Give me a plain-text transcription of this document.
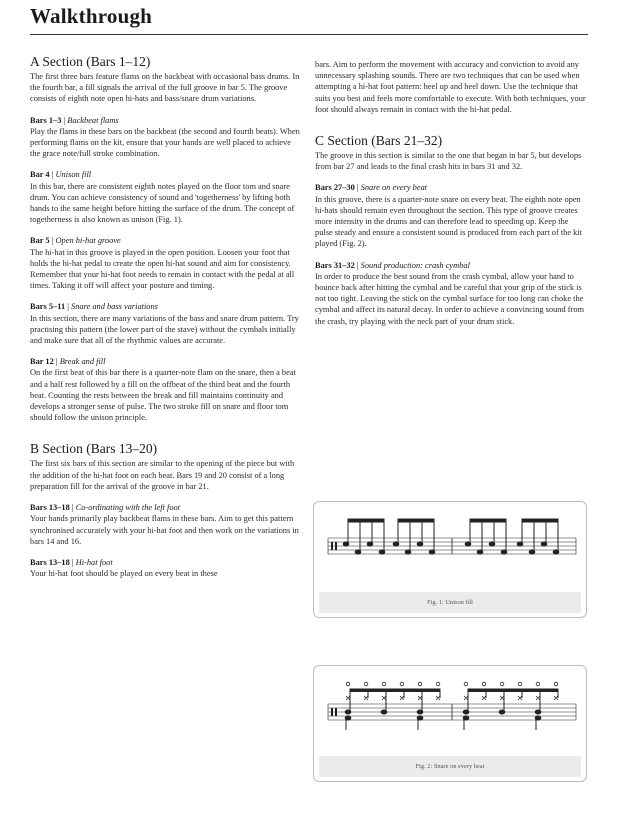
Walkthrough
A Section (Bars 1–12)

The first three bars feature flams on the backbeat with occasional bass drums. In the fourth bar, a fill signals the arrival of the full groove in bar 5. The groove consists of eighth note open hi-hats and bass/snare drum variations.

Bars 1–3 | Backbeat flams

Play the flams in these bars on the backbeat (the second and fourth beats). When performing flams on the kit, ensure that your hands are well placed to achieve the grace note/full stroke combination.

Bar 4 | Unison fill

In this bar, there are consistent eighth notes played on the floor tom and snare drum. You can achieve consistency of sound and 'togetherness' by lifting both hands to the same height before hitting the surface of the drum. The concept of togetherness is also known as unison (Fig. 1).

Bar 5 | Open hi-hat groove

The hi-hat in this groove is played in the open position. Loosen your foot that holds the hi-hat pedal to create the open hi-hat sound and aim for consistency. Remember that your hi-hat foot needs to remain in contact with the pedal at all times. Taking it off will affect your posture and timing.

Bars 5–11 | Snare and bass variations

In this section, there are many variations of the bass and snare drum pattern. Try practising this pattern (the lower part of the stave) without the cymbals initially and make sure that all of the rhythmic values are accurate.

Bar 12 | Break and fill

On the first beat of this bar there is a quarter-note flam on the snare, then a beat and a half rest followed by a fill on the offbeat of the third beat and the fourth beat. Counting the rests between the break and fill maintains continuity and develops a stronger sense of pulse. The two stroke fill on snare and floor tom should follow the unison principle.

B Section (Bars 13–20)

The first six bars of this section are similar to the opening of the piece but with the addition of the hi-hat foot on each beat. Bars 19 and 20 consist of a long preparation fill for the arrival of the groove in bar 21.

Bars 13–18 | Co-ordinating with the left foot

Your hands primarily play backbeat flams in these bars. Aim to get this pattern synchronised accurately with your hi-hat foot and then work on the variations in bars 14 and 16.

Bars 13–18 | Hi-hat foot

Your hi-hat foot should be played on every beat in these

bars. Aim to perform the movement with accuracy and conviction to avoid any unnecessary splashing sounds. There are two techniques that can be used when attempting a hi-hat foot pattern: heel up and heel down. Use the technique that suits you best and feels more comfortable to execute. With both techniques, your foot should always remain in contact with the hi-hat pedal.

C Section (Bars 21–32)

The groove in this section is similar to the one that began in bar 5, but develops from bar 27 and leads to the final crash hits in bars 31 and 32.

Bars 27–30 | Snare on every beat

In this groove, there is a quarter-note snare on every beat. The eighth note open hi-hats should remain even throughout the section. This type of groove creates more intensity in the drums and can therefore lead to speeding up. Keep the pulse steady and ensure a consistent sound is produced from each part of the kit played (Fig. 2).

Bars 31–32 | Sound production: crash cymbal

In order to produce the best sound from the crash cymbal, allow your hand to bounce back after hitting the cymbal and be careful that your grip of the stick is not too tight. Leaving the stick on the cymbal surface for too long can choke the cymbal and affect its natural decay. In order to achieve a convincing sound from the crash, try playing with the neck part of your drum stick.

Fig. 1: Unison fill
Fig. 2: Snare on every beat
